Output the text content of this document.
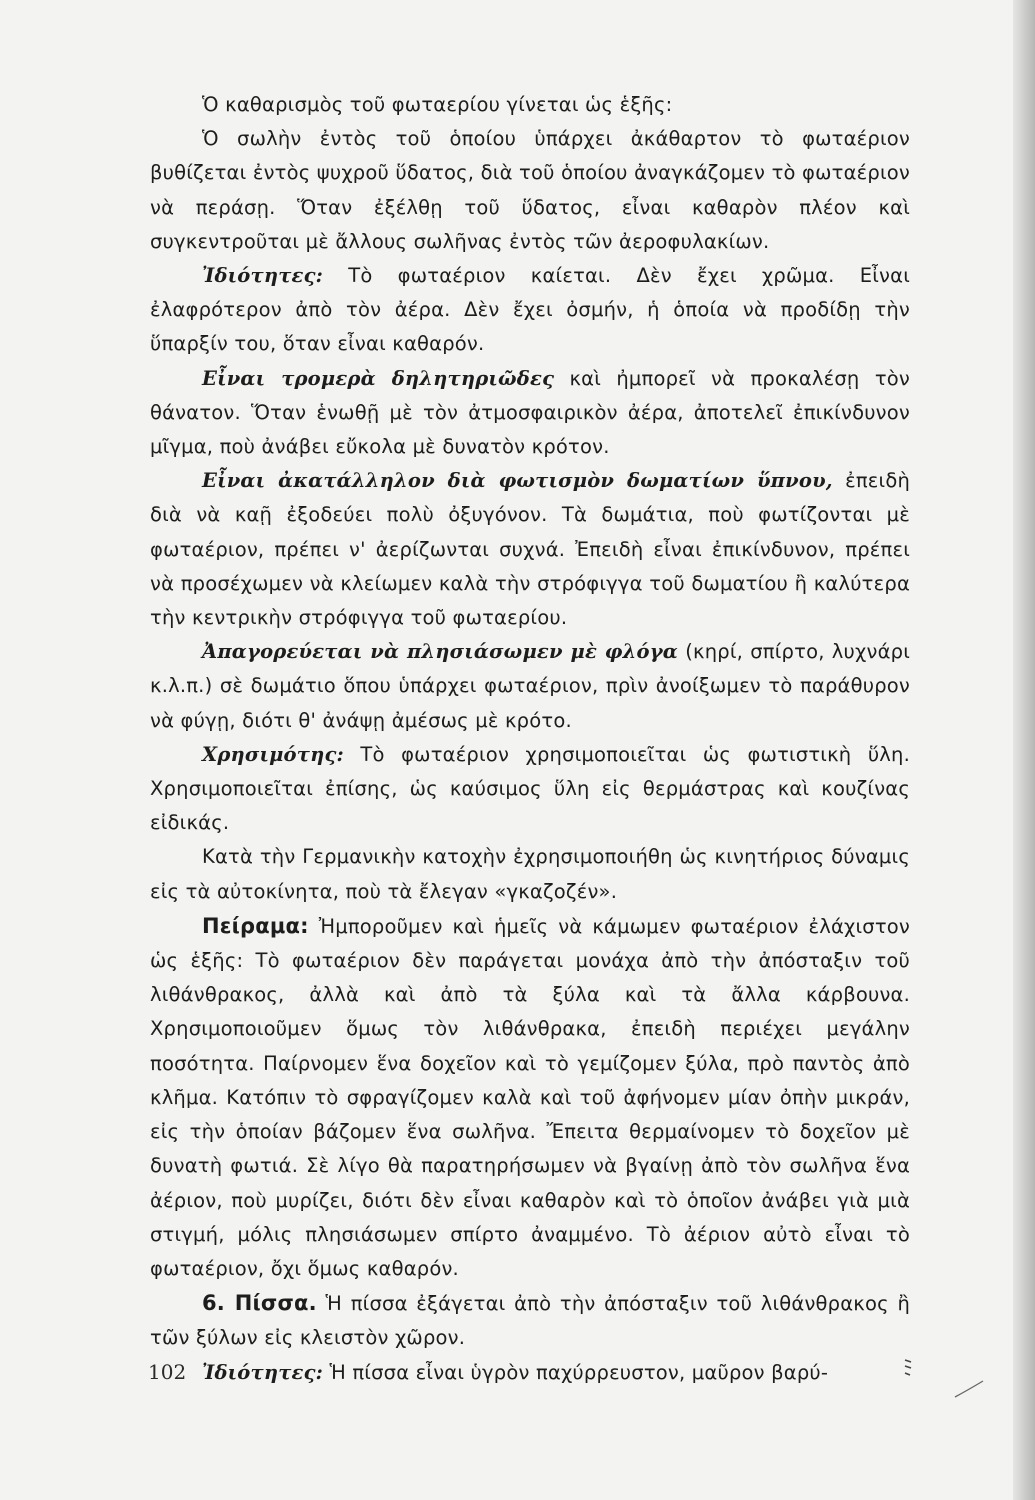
Ὁ καθαρισμὸς τοῦ φωταερίου γίνεται ὡς ἑξῆς:

Ὁ σωλὴν ἐντὸς τοῦ ὁποίου ὑπάρχει ἀκάθαρτον τὸ φωταέριον βυθίζεται ἐντὸς ψυχροῦ ὕδατος, διὰ τοῦ ὁποίου ἀναγκάζομεν τὸ φωταέριον νὰ περάσῃ. Ὅταν ἐξέλθῃ τοῦ ὕδατος, εἶναι καθαρὸν πλέον καὶ συγκεντροῦται μὲ ἄλλους σωλῆνας ἐντὸς τῶν ἀεροφυλακίων.

Ἰδιότητες: Τὸ φωταέριον καίεται. Δὲν ἔχει χρῶμα. Εἶναι ἐλαφρότερον ἀπὸ τὸν ἀέρα. Δὲν ἔχει ὀσμήν, ἡ ὁποία νὰ προδίδῃ τὴν ὕπαρξίν του, ὅταν εἶναι καθαρόν.

Εἶναι τρομερὰ δηλητηριῶδες καὶ ἠμπορεῖ νὰ προκαλέσῃ τὸν θάνατον. Ὅταν ἑνωθῇ μὲ τὸν ἀτμοσφαιρικὸν ἀέρα, ἀποτελεῖ ἐπικίνδυνον μῖγμα, ποὺ ἀνάβει εὔκολα μὲ δυνατὸν κρότον.

Εἶναι ἀκατάλληλον διὰ φωτισμὸν δωματίων ὕπνου, ἐπειδὴ διὰ νὰ καῇ ἐξοδεύει πολὺ ὀξυγόνον. Τὰ δωμάτια, ποὺ φωτίζονται μὲ φωταέριον, πρέπει ν' ἀερίζωνται συχνά. Ἐπειδὴ εἶναι ἐπικίνδυνον, πρέπει νὰ προσέχωμεν νὰ κλείωμεν καλὰ τὴν στρόφιγγα τοῦ δωματίου ἢ καλύτερα τὴν κεντρικὴν στρόφιγγα τοῦ φωταερίου.

Ἀπαγορεύεται νὰ πλησιάσωμεν μὲ φλόγα (κηρί, σπίρτο, λυχνάρι κ.λ.π.) σὲ δωμάτιο ὅπου ὑπάρχει φωταέριον, πρὶν ἀνοίξωμεν τὸ παράθυρον νὰ φύγῃ, διότι θ' ἀνάψῃ ἀμέσως μὲ κρότο.

Χρησιμότης: Τὸ φωταέριον χρησιμοποιεῖται ὡς φωτιστικὴ ὕλη. Χρησιμοποιεῖται ἐπίσης, ὡς καύσιμος ὕλη εἰς θερμάστρας καὶ κουζίνας εἰδικάς.

Κατὰ τὴν Γερμανικὴν κατοχὴν ἐχρησιμοποιήθη ὡς κινητήριος δύναμις εἰς τὰ αὐτοκίνητα, ποὺ τὰ ἔλεγαν «γκαζοζέν».

Πείραμα: Ἠμποροῦμεν καὶ ἡμεῖς νὰ κάμωμεν φωταέριον ἐλάχιστον ὡς ἑξῆς: Τὸ φωταέριον δὲν παράγεται μονάχα ἀπὸ τὴν ἀπόσταξιν τοῦ λιθάνθρακος, ἀλλὰ καὶ ἀπὸ τὰ ξύλα καὶ τὰ ἄλλα κάρβουνα. Χρησιμοποιοῦμεν ὅμως τὸν λιθάνθρακα, ἐπειδὴ περιέχει μεγάλην ποσότητα. Παίρνομεν ἕνα δοχεῖον καὶ τὸ γεμίζομεν ξύλα, πρὸ παντὸς ἀπὸ κλῆμα. Κατόπιν τὸ σφραγίζομεν καλὰ καὶ τοῦ ἀφήνομεν μίαν ὀπὴν μικράν, εἰς τὴν ὁποίαν βάζομεν ἕνα σωλῆνα. Ἔπειτα θερμαίνομεν τὸ δοχεῖον μὲ δυνατὴ φωτιά. Σὲ λίγο θὰ παρατηρήσωμεν νὰ βγαίνῃ ἀπὸ τὸν σωλῆνα ἕνα ἀέριον, ποὺ μυρίζει, διότι δὲν εἶναι καθαρὸν καὶ τὸ ὁποῖον ἀνάβει γιὰ μιὰ στιγμή, μόλις πλησιάσωμεν σπίρτο ἀναμμένο. Τὸ ἀέριον αὐτὸ εἶναι τὸ φωταέριον, ὄχι ὅμως καθαρόν.

6. Πίσσα. Ἡ πίσσα ἐξάγεται ἀπὸ τὴν ἀπόσταξιν τοῦ λιθάνθρακος ἢ τῶν ξύλων εἰς κλειστὸν χῶρον.

Ἰδιότητες: Ἡ πίσσα εἶναι ὑγρὸν παχύρρευστον, μαῦρον βαρύ-

102
